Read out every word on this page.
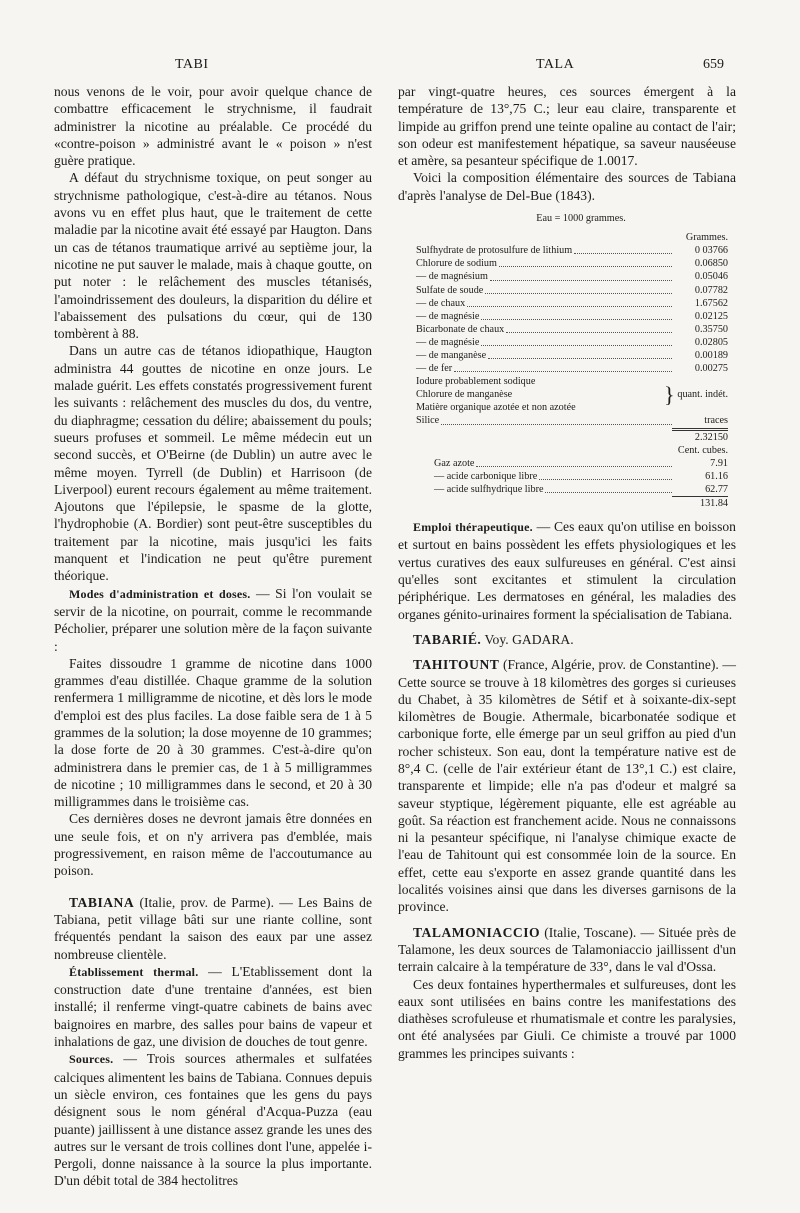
TABI	TALA	659

nous venons de le voir, pour avoir quelque chance de combattre efficacement le strychnisme, il faudrait administrer la nicotine au préalable. Ce procédé du «contre-poison » administré avant le « poison » n'est guère pratique.

A défaut du strychnisme toxique, on peut songer au strychnisme pathologique, c'est-à-dire au tétanos. Nous avons vu en effet plus haut, que le traitement de cette maladie par la nicotine avait été essayé par Haugton. Dans un cas de tétanos traumatique arrivé au septième jour, la nicotine ne put sauver le malade, mais à chaque goutte, on put noter : le relâchement des muscles tétanisés, l'amoindrissement des douleurs, la disparition du délire et l'abaissement des pulsations du cœur, qui de 130 tombèrent à 88.

Dans un autre cas de tétanos idiopathique, Haugton administra 44 gouttes de nicotine en onze jours. Le malade guérit. Les effets constatés progressivement furent les suivants : relâchement des muscles du dos, du ventre, du diaphragme; cessation du délire; abaissement du pouls; sueurs profuses et sommeil. Le même médecin eut un second succès, et O'Beirne (de Dublin) un autre avec le même moyen. Tyrrell (de Dublin) et Harrisoon (de Liverpool) eurent recours également au même traitement. Ajoutons que l'épilepsie, le spasme de la glotte, l'hydrophobie (A. Bordier) sont peut-être susceptibles du traitement par la nicotine, mais jusqu'ici les faits manquent et l'indication ne peut qu'être purement théorique.

Modes d'administration et doses. — Si l'on voulait se servir de la nicotine, on pourrait, comme le recommande Pécholier, préparer une solution mère de la façon suivante :

Faites dissoudre 1 gramme de nicotine dans 1000 grammes d'eau distillée. Chaque gramme de la solution renfermera 1 milligramme de nicotine, et dès lors le mode d'emploi est des plus faciles. La dose faible sera de 1 à 5 grammes de la solution; la dose moyenne de 10 grammes; la dose forte de 20 à 30 grammes. C'est-à-dire qu'on administrera dans le premier cas, de 1 à 5 milligrammes de nicotine ; 10 milligrammes dans le second, et 20 à 30 milligrammes dans le troisième cas.

Ces dernières doses ne devront jamais être données en une seule fois, et on n'y arrivera pas d'emblée, mais progressivement, en raison même de l'accoutumance au poison.

TABIANA (Italie, prov. de Parme). — Les Bains de Tabiana, petit village bâti sur une riante colline, sont fréquentés pendant la saison des eaux par une assez nombreuse clientèle.

Établissement thermal. — L'Etablissement dont la construction date d'une trentaine d'années, est bien installé; il renferme vingt-quatre cabinets de bains avec baignoires en marbre, des salles pour bains de vapeur et inhalations de gaz, une division de douches de tout genre.

Sources. — Trois sources athermales et sulfatées calciques alimentent les bains de Tabiana. Connues depuis un siècle environ, ces fontaines que les gens du pays désignent sous le nom général d'Acqua-Puzza (eau puante) jaillissent à une distance assez grande les unes des autres sur le versant de trois collines dont l'une, appelée i-Pergoli, donne naissance à la source la plus importante. D'un débit total de 384 hectolitres

par vingt-quatre heures, ces sources émergent à la température de 13°,75 C.; leur eau claire, transparente et limpide au griffon prend une teinte opaline au contact de l'air; son odeur est manifestement hépatique, sa saveur nauséeuse et amère, sa pesanteur spécifique de 1.0017.

Voici la composition élémentaire des sources de Tabiana d'après l'analyse de Del-Bue (1843).

Eau = 1000 grammes.
Grammes.
Sulfhydrate de protosulfure de lithium	0 03766
Chlorure de sodium	0.06850
— de magnésium	0.05046
Sulfate de soude	0.07782
— de chaux	1.67562
— de magnésie	0.02125
Bicarbonate de chaux	0.35750
— de magnésie	0.02805
— de manganèse	0.00189
— de fer	0.00275
Iodure probablement sodique
Chlorure de manganèse
Matière organique azotée et non azotée
} quant. indét.
Silice	traces
2.32150
Cent. cubes.
Gaz azote	7.91
— acide carbonique libre	61.16
— acide sulfhydrique libre	62.77
131.84

Emploi thérapeutique. — Ces eaux qu'on utilise en boisson et surtout en bains possèdent les effets physiologiques et les vertus curatives des eaux sulfureuses en général. C'est ainsi qu'elles sont excitantes et stimulent la circulation périphérique. Les dermatoses en général, les maladies des organes génito-urinaires forment la spécialisation de Tabiana.

TABARIÉ. Voy. GADARA.

TAHITOUNT (France, Algérie, prov. de Constantine). — Cette source se trouve à 18 kilomètres des gorges si curieuses du Chabet, à 35 kilomètres de Sétif et à soixante-dix-sept kilomètres de Bougie. Athermale, bicarbonatée sodique et carbonique forte, elle émerge par un seul griffon au pied d'un rocher schisteux. Son eau, dont la température native est de 8°,4 C. (celle de l'air extérieur étant de 13°,1 C.) est claire, transparente et limpide; elle n'a pas d'odeur et malgré sa saveur styptique, légèrement piquante, elle est agréable au goût. Sa réaction est franchement acide. Nous ne connaissons ni la pesanteur spécifique, ni l'analyse chimique exacte de l'eau de Tahitount qui est consommée loin de la source. En effet, cette eau s'exporte en assez grande quantité dans les localités voisines ainsi que dans les diverses garnisons de la province.

TALAMONIACCIO (Italie, Toscane). — Située près de Talamone, les deux sources de Talamoniaccio jaillissent d'un terrain calcaire à la température de 33°, dans le val d'Ossa.

Ces deux fontaines hyperthermales et sulfureuses, dont les eaux sont utilisées en bains contre les manifestations des diathèses scrofuleuse et rhumatismale et contre les paralysies, ont été analysées par Giuli. Ce chimiste a trouvé par 1000 grammes les principes suivants :
